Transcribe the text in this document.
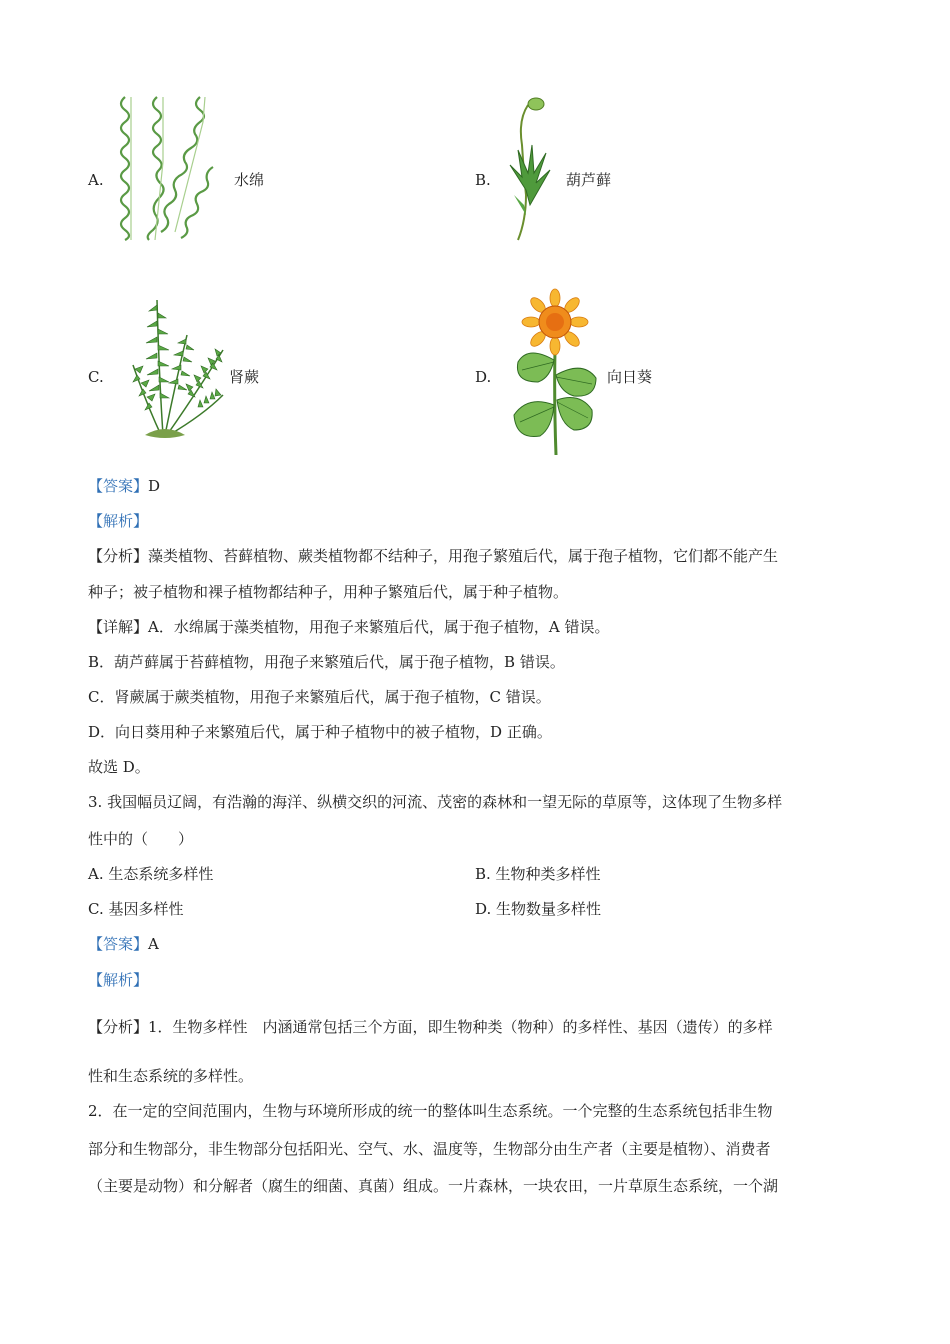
A.	水绵	B.	葫芦藓
C.	肾蕨	D.	向日葵
【答案】D
【解析】
【分析】藻类植物、苔藓植物、蕨类植物都不结种子，用孢子繁殖后代，属于孢子植物，它们都不能产生
种子；被子植物和裸子植物都结种子，用种子繁殖后代，属于种子植物。
【详解】A．水绵属于藻类植物，用孢子来繁殖后代，属于孢子植物，A 错误。
B．葫芦藓属于苔藓植物，用孢子来繁殖后代，属于孢子植物，B 错误。
C．肾蕨属于蕨类植物，用孢子来繁殖后代，属于孢子植物，C 错误。
D．向日葵用种子来繁殖后代，属于种子植物中的被子植物，D 正确。
故选 D。
3. 我国幅员辽阔，有浩瀚的海洋、纵横交织的河流、茂密的森林和一望无际的草原等，这体现了生物多样
性中的（　　）
A. 生态系统多样性	B. 生物种类多样性
C. 基因多样性	D. 生物数量多样性
【答案】A
【解析】
【分析】1．生物多样性　内涵通常包括三个方面，即生物种类（物种）的多样性、基因（遗传）的多样
性和生态系统的多样性。
2．在一定的空间范围内，生物与环境所形成的统一的整体叫生态系统。一个完整的生态系统包括非生物
部分和生物部分，非生物部分包括阳光、空气、水、温度等，生物部分由生产者（主要是植物）、消费者
（主要是动物）和分解者（腐生的细菌、真菌）组成。一片森林，一块农田，一片草原生态系统，一个湖
